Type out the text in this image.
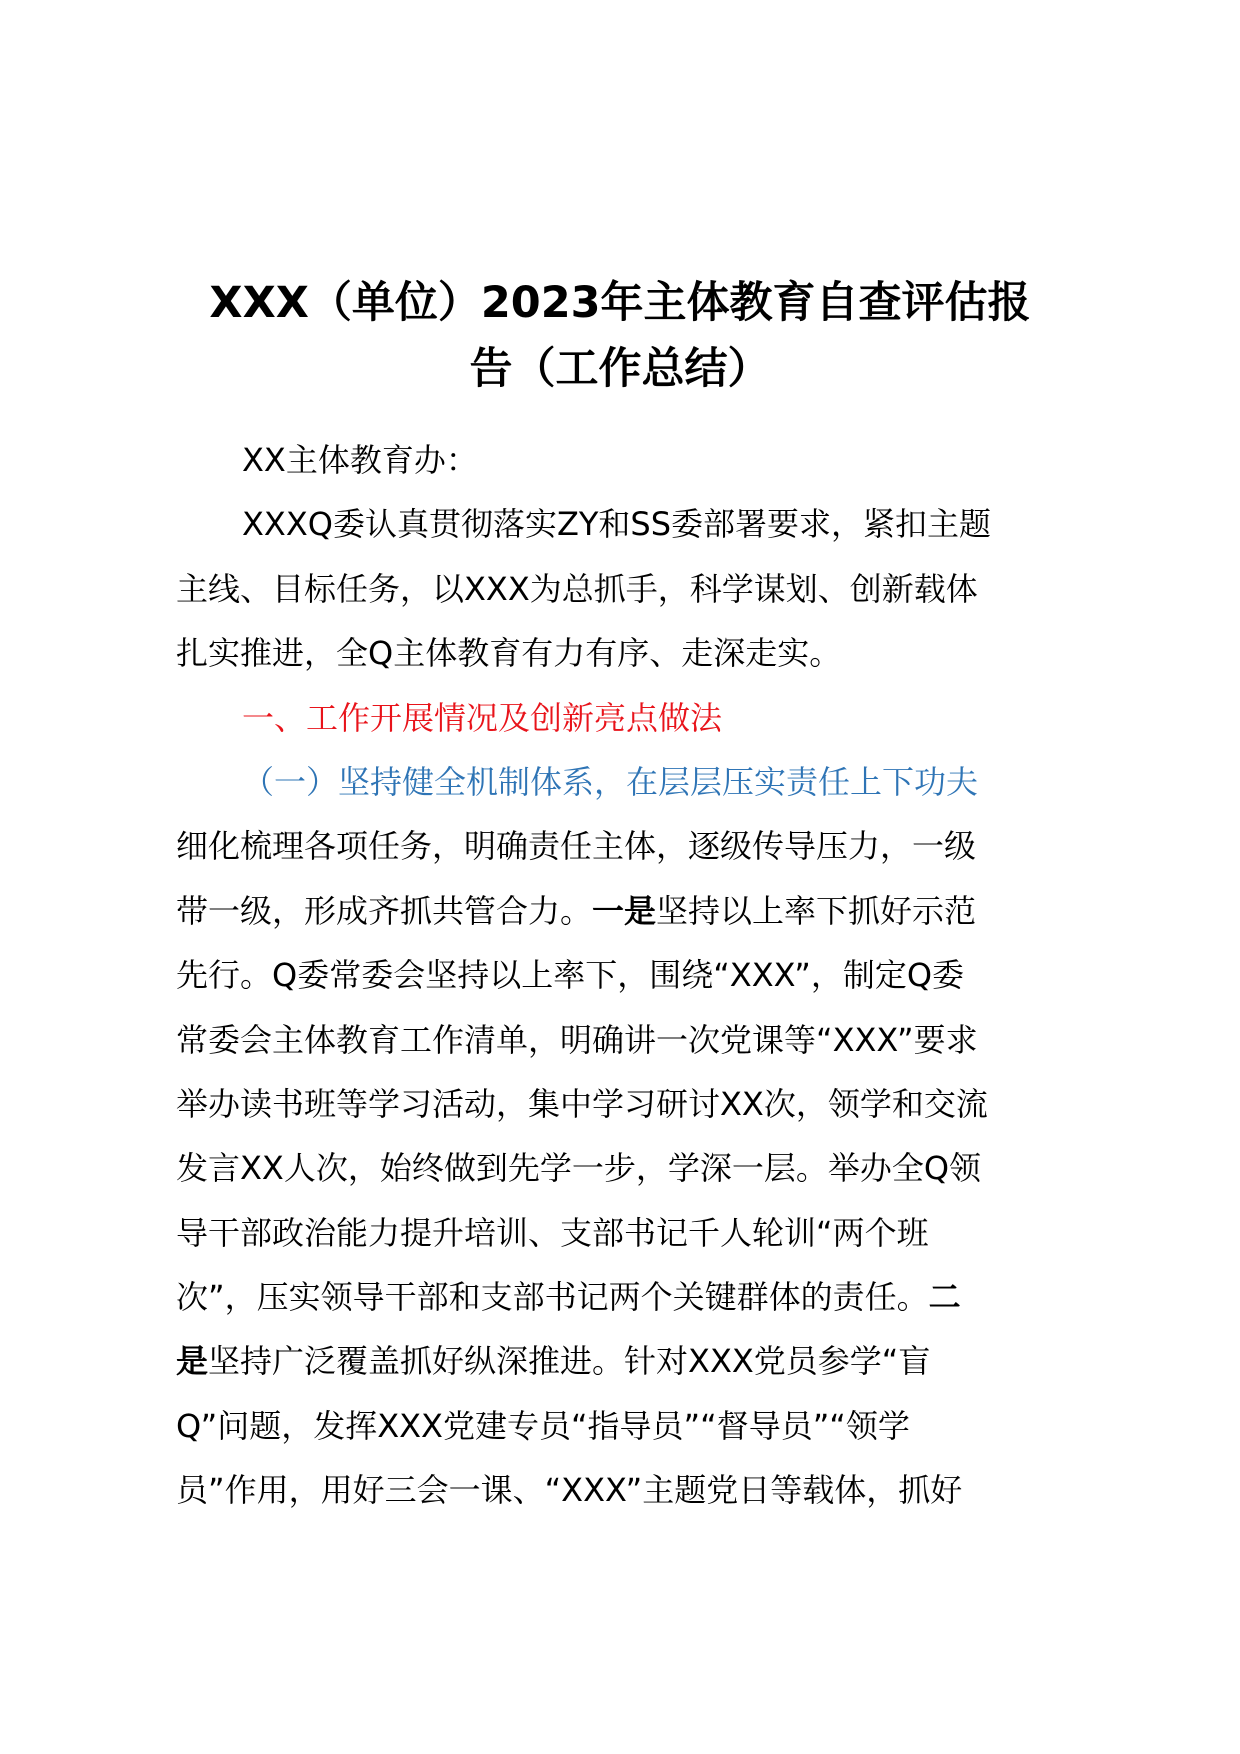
XXX（单位）2023年主体教育自查评估报
告（工作总结）
XX主体教育办：
XXXQ委认真贯彻落实ZY和SS委部署要求，紧扣主题
主线、目标任务，以XXX为总抓手，科学谋划、创新载体
扎实推进，全Q主体教育有力有序、走深走实。
一、工作开展情况及创新亮点做法
（一）坚持健全机制体系，在层层压实责任上下功夫
细化梳理各项任务，明确责任主体，逐级传导压力，一级
带一级，形成齐抓共管合力。一是坚持以上率下抓好示范
先行。Q委常委会坚持以上率下，围绕“XXX”，制定Q委
常委会主体教育工作清单，明确讲一次党课等“XXX”要求
举办读书班等学习活动，集中学习研讨XX次，领学和交流
发言XX人次，始终做到先学一步，学深一层。举办全Q领
导干部政治能力提升培训、支部书记千人轮训“两个班
次”，压实领导干部和支部书记两个关键群体的责任。二
是坚持广泛覆盖抓好纵深推进。针对XXX党员参学“盲
Q”问题，发挥XXX党建专员“指导员”“督导员”“领学
员”作用，用好三会一课、“XXX”主题党日等载体，抓好
